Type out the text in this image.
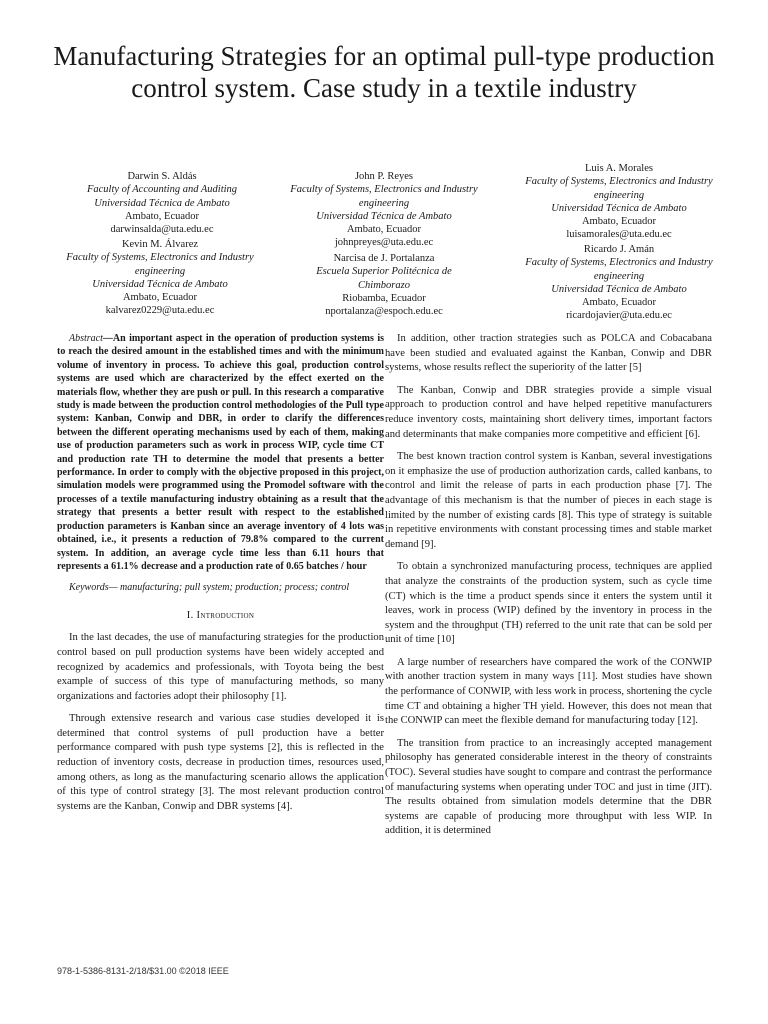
Manufacturing Strategies for an optimal pull-type production control system. Case study in a textile industry
Darwin S. Aldás
Faculty of Accounting and Auditing
Universidad Técnica de Ambato
Ambato, Ecuador
darwinsalda@uta.edu.ec
Kevin M. Álvarez
Faculty of Systems, Electronics and Industry engineering
Universidad Técnica de Ambato
Ambato, Ecuador
kalvarez0229@uta.edu.ec
John P. Reyes
Faculty of Systems, Electronics and Industry engineering
Universidad Técnica de Ambato
Ambato, Ecuador
johnpreyes@uta.edu.ec
Narcisa de J. Portalanza
Escuela Superior Politécnica de Chimborazo
Riobamba, Ecuador
nportalanza@espoch.edu.ec
Luis A. Morales
Faculty of Systems, Electronics and Industry engineering
Universidad Técnica de Ambato
Ambato, Ecuador
luisamorales@uta.edu.ec
Ricardo J. Amán
Faculty of Systems, Electronics and Industry engineering
Universidad Técnica de Ambato
Ambato, Ecuador
ricardojavier@uta.edu.ec

Abstract—An important aspect in the operation of production systems is to reach the desired amount in the established times and with the minimum volume of inventory in process. To achieve this goal, production control systems are used which are characterized by the effect exerted on the materials flow, whether they are push or pull. In this research a comparative study is made between the production control methodologies of the Pull type system: Kanban, Conwip and DBR, in order to clarify the differences between the different operating mechanisms used by each of them, making use of production parameters such as work in process WIP, cycle time CT and production rate TH to determine the model that presents a better performance. In order to comply with the objective proposed in this project, simulation models were programmed using the Promodel software with the processes of a textile manufacturing industry obtaining as a result that the strategy that presents a better result with respect to the established production parameters is Kanban since an average inventory of 4 lots was obtained, i.e., it presents a reduction of 79.8% compared to the current system. In addition, an average cycle time less than 6.11 hours that represents a 61.1% decrease and a production rate of 0.65 batches / hour

Keywords— manufacturing; pull system; production; process; control

I. Introduction

In the last decades, the use of manufacturing strategies for the production control based on pull production systems have been widely accepted and recognized by academics and professionals, with Toyota being the best example of success of this type of manufacturing methods, so many organizations and factories adopt their philosophy [1].

Through extensive research and various case studies developed it is determined that control systems of pull production have a better performance compared with push type systems [2], this is reflected in the reduction of inventory costs, decrease in production times, resources used, among others, as long as the manufacturing scenario allows the application of this type of control strategy [3]. The most relevant production control systems are the Kanban, Conwip and DBR systems [4].

In addition, other traction strategies such as POLCA and Cobacabana have been studied and evaluated against the Kanban, Conwip and DBR systems, whose results reflect the superiority of the latter [5]

The Kanban, Conwip and DBR strategies provide a simple visual approach to production control and have helped repetitive manufacturers reduce inventory costs, maintaining short delivery times, important factors and determinants that make companies more competitive and efficient [6].

The best known traction control system is Kanban, several investigations on it emphasize the use of production authorization cards, called kanbans, to control and limit the release of parts in each production phase [7]. The advantage of this mechanism is that the number of pieces in each stage is limited by the number of existing cards [8]. This type of strategy is suitable in repetitive environments with constant processing times and stable market demand [9].

To obtain a synchronized manufacturing process, techniques are applied that analyze the constraints of the production system, such as cycle time (CT) which is the time a product spends since it enters the system until it leaves, work in process (WIP) defined by the inventory in process in the system and the throughput (TH) referred to the unit rate that can be sold per unit of time [10]

A large number of researchers have compared the work of the CONWIP with another traction system in many ways [11]. Most studies have shown the performance of CONWIP, with less work in process, shortening the cycle time CT and obtaining a higher TH yield. However, this does not mean that the CONWIP can meet the flexible demand for manufacturing today [12].

The transition from practice to an increasingly accepted management philosophy has generated considerable interest in the theory of constraints (TOC). Several studies have sought to compare and contrast the performance of manufacturing systems when operating under TOC and just in time (JIT). The results obtained from simulation models determine that the DBR systems are capable of producing more throughput with less WIP. In addition, it is determined

978-1-5386-8131-2/18/$31.00 ©2018 IEEE
